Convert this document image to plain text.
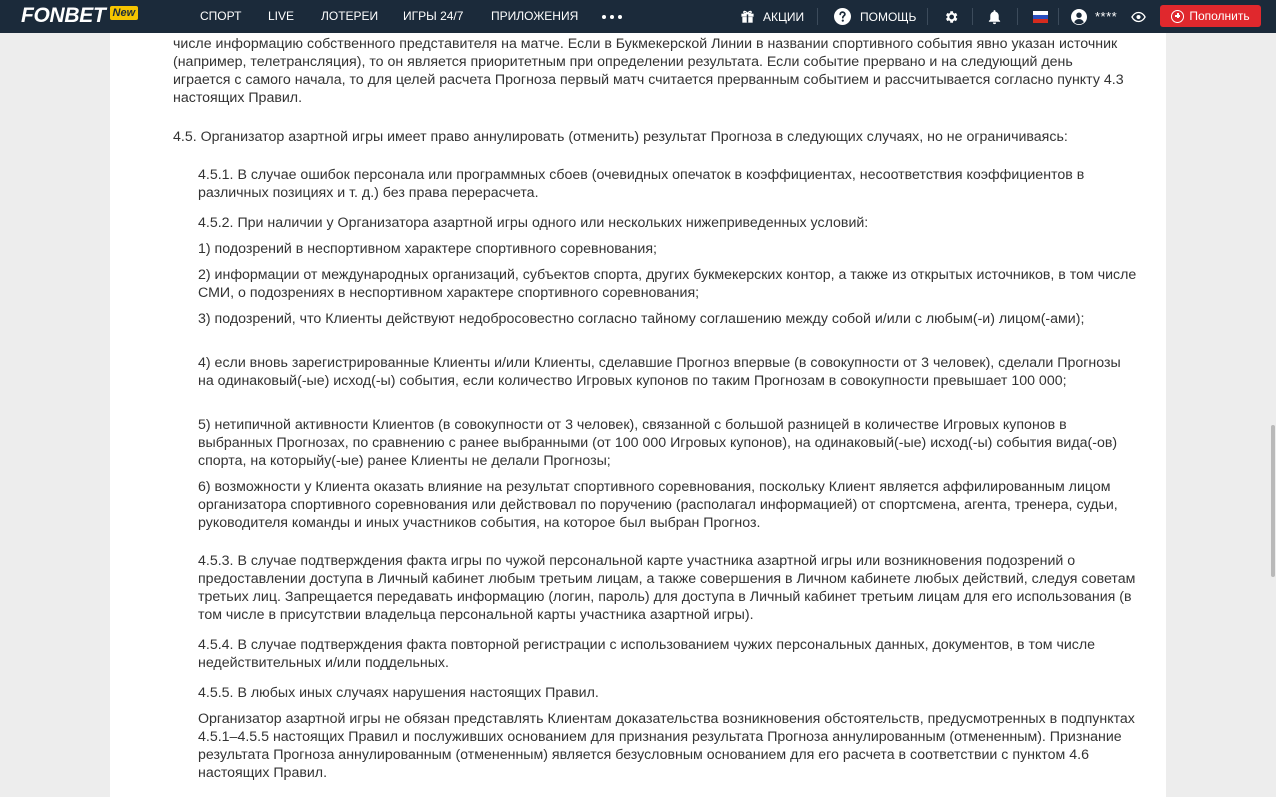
FONBET New	СПОРТ LIVE ЛОТЕРЕИ ИГРЫ 24/7 ПРИЛОЖЕНИЯ	АКЦИИ	ПОМОЩЬ	****	Пополнить
числе информацию собственного представителя на матче. Если в Букмекерской Линии в названии спортивного события явно указан источник (например, телетрансляция), то он является приоритетным при определении результата. Если событие прервано и на следующий день играется с самого начала, то для целей расчета Прогноза первый матч считается прерванным событием и рассчитывается согласно пункту 4.3 настоящих Правил.
4.5. Организатор азартной игры имеет право аннулировать (отменить) результат Прогноза в следующих случаях, но не ограничиваясь:
4.5.1. В случае ошибок персонала или программных сбоев (очевидных опечаток в коэффициентах, несоответствия коэффициентов в различных позициях и т. д.) без права перерасчета.
4.5.2. При наличии у Организатора азартной игры одного или нескольких нижеприведенных условий:
1) подозрений в неспортивном характере спортивного соревнования;
2) информации от международных организаций, субъектов спорта, других букмекерских контор, а также из открытых источников, в том числе СМИ, о подозрениях в неспортивном характере спортивного соревнования;
3) подозрений, что Клиенты действуют недобросовестно согласно тайному соглашению между собой и/или с любым(-и) лицом(-ами);
4) если вновь зарегистрированные Клиенты и/или Клиенты, сделавшие Прогноз впервые (в совокупности от 3 человек), сделали Прогнозы на одинаковый(-ые) исход(-ы) события, если количество Игровых купонов по таким Прогнозам в совокупности превышает 100 000;
5) нетипичной активности Клиентов (в совокупности от 3 человек), связанной с большой разницей в количестве Игровых купонов в выбранных Прогнозах, по сравнению с ранее выбранными (от 100 000 Игровых купонов), на одинаковый(-ые) исход(-ы) события вида(-ов) спорта, на которыйу(-ые) ранее Клиенты не делали Прогнозы;
6) возможности у Клиента оказать влияние на результат спортивного соревнования, поскольку Клиент является аффилированным лицом организатора спортивного соревнования или действовал по поручению (располагал информацией) от спортсмена, агента, тренера, судьи, руководителя команды и иных участников события, на которое был выбран Прогноз.
4.5.3. В случае подтверждения факта игры по чужой персональной карте участника азартной игры или возникновения подозрений о предоставлении доступа в Личный кабинет любым третьим лицам, а также совершения в Личном кабинете любых действий, следуя советам третьих лиц. Запрещается передавать информацию (логин, пароль) для доступа в Личный кабинет третьим лицам для его использования (в том числе в присутствии владельца персональной карты участника азартной игры).
4.5.4. В случае подтверждения факта повторной регистрации с использованием чужих персональных данных, документов, в том числе недействительных и/или поддельных.
4.5.5. В любых иных случаях нарушения настоящих Правил.
Организатор азартной игры не обязан представлять Клиентам доказательства возникновения обстоятельств, предусмотренных в подпунктах 4.5.1–4.5.5 настоящих Правил и послуживших основанием для признания результата Прогноза аннулированным (отмененным). Признание результата Прогноза аннулированным (отмененным) является безусловным основанием для его расчета в соответствии с пунктом 4.6 настоящих Правил.
